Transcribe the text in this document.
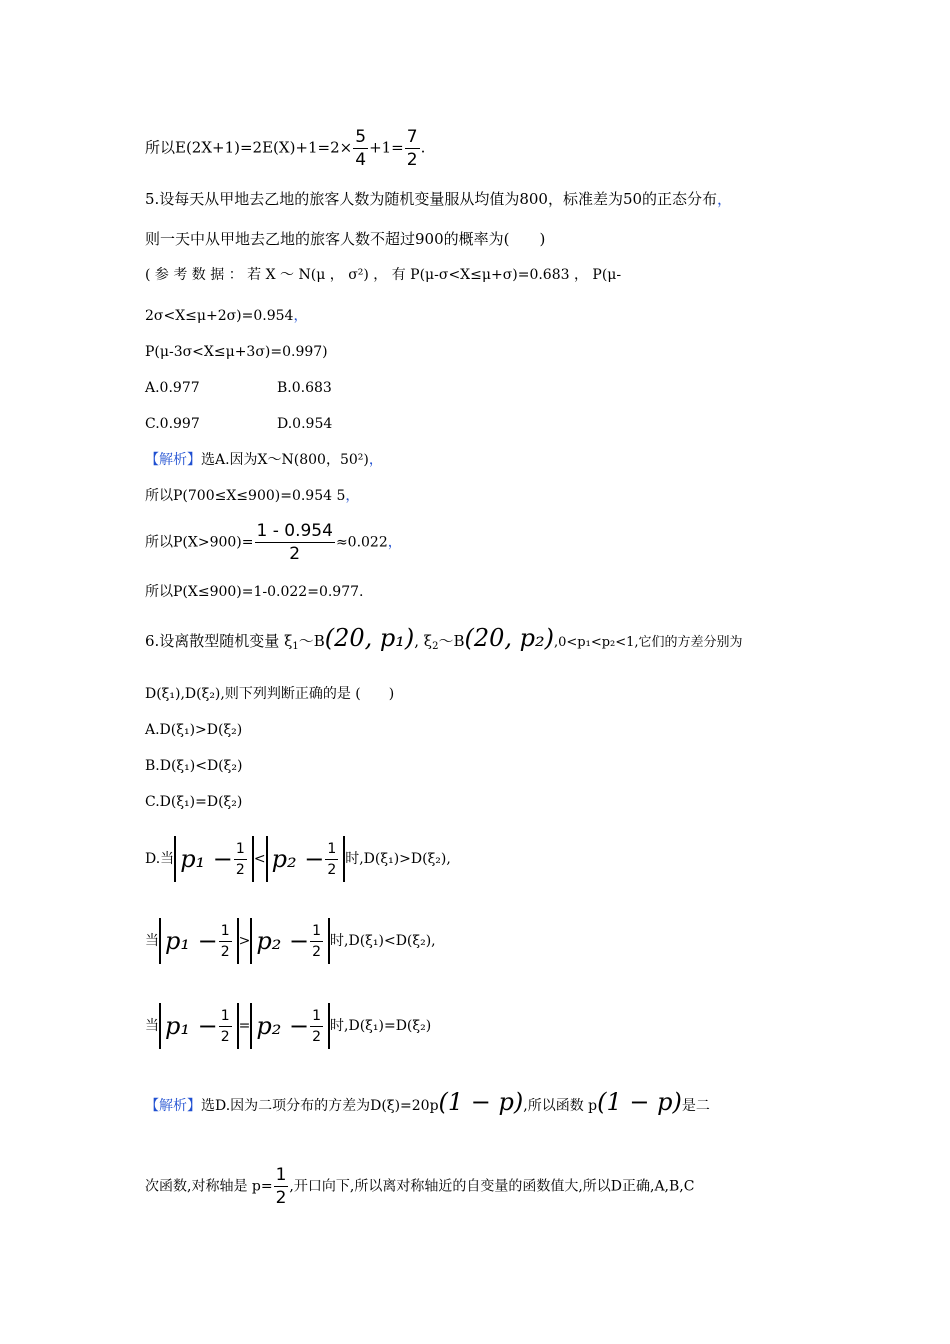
所以$E(2X+1)=2E(X)+1=2\times \frac{5}{4} +1= \frac{7}{2}$ .
5.设每天从甲地去乙地的旅客人数为随机变量服从均值为800，标准差为50的正态分布，
则一天中从甲地去乙地的旅客人数不超过900的概率为(　　)
( 参 考 数 据 ： 若 X ～ N(μ ， σ²) ， 有 P(μ-σ<X≤μ+σ)=0.683 ， P(μ-
2σ<X≤μ+2σ)=0.954，
P(μ-3σ<X≤μ+3σ)=0.997)
A.0.977	B.0.683
C.0.997	D.0.954
【解析】选A.因为X～N(800，50²)，
所以P(700≤X≤900)=0.954 5，
所以$P(X>900)= \frac{1 - 0.954}{2} \approx 0.022$，
所以P(X≤900)=1-0.022=0.977.
6.设离散型随机变量 $\xi_1\sim B(20$, p₁), $\xi_2\sim B(20$, p₂),0<p₁<p₂<1,它们的方差分别为
D(ξ₁),D(ξ₂),则下列判断正确的是 (　　)
A.D(ξ₁)>D(ξ₂)
B.D(ξ₁)<D(ξ₂)
C.D(ξ₁)=D(ξ₂)
D.当 $p_1 - \frac{1}{2} < p_2 - \frac{1}{2}$ 时,D(ξ₁)>D(ξ₂),
当 $p_1 - \frac{1}{2} > p_2 - \frac{1}{2}$ 时,D(ξ₁)<D(ξ₂),
当 $p_1 - \frac{1}{2} = p_2 - \frac{1}{2}$ 时,D(ξ₁)=D(ξ₂)
【解析】选D.因为二项分布的方差为D(ξ)=20p(1 − p),所以函数 p(1 − p)是二
次函数,对称轴是 $p= \frac{1}{2}$ ,开口向下,所以离对称轴近的自变量的函数值大,所以D正确,A,B,C
